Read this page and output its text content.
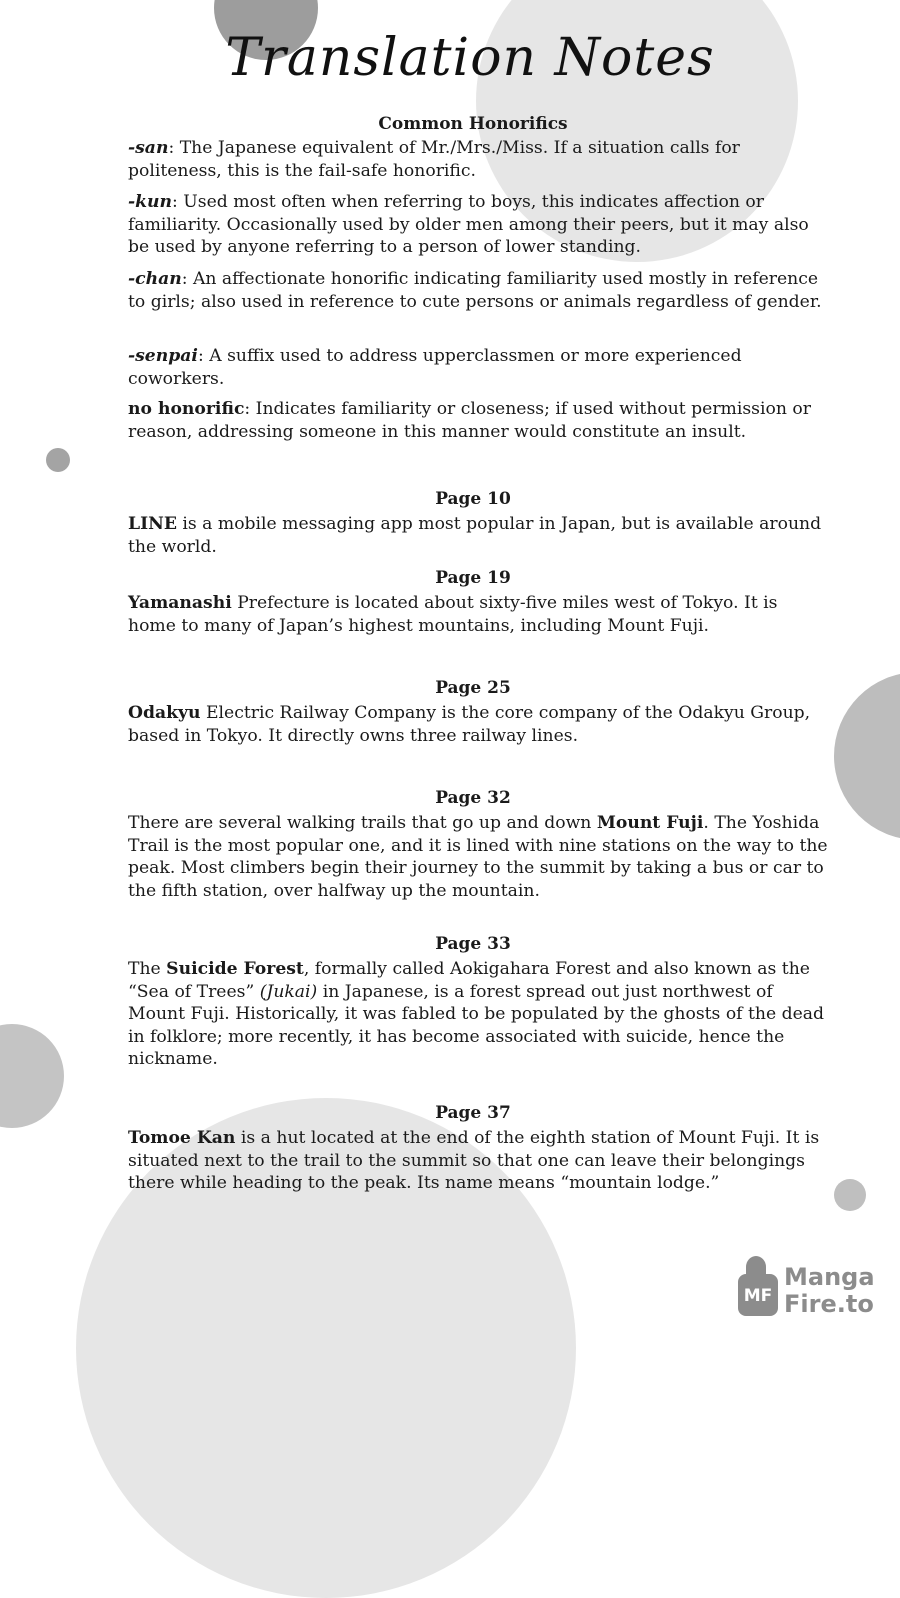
Translation Notes
Common Honorifics
-san: The Japanese equivalent of Mr./Mrs./Miss. If a situation calls for politeness, this is the fail-safe honorific.
-kun: Used most often when referring to boys, this indicates affection or familiarity. Occasionally used by older men among their peers, but it may also be used by anyone referring to a person of lower standing.
-chan: An affectionate honorific indicating familiarity used mostly in reference to girls; also used in reference to cute persons or animals regardless of gender.
-senpai: A suffix used to address upperclassmen or more experienced coworkers.
no honorific: Indicates familiarity or closeness; if used without permission or reason, addressing someone in this manner would constitute an insult.
Page 10
LINE is a mobile messaging app most popular in Japan, but is available around the world.
Page 19
Yamanashi Prefecture is located about sixty-five miles west of Tokyo. It is home to many of Japan’s highest mountains, including Mount Fuji.
Page 25
Odakyu Electric Railway Company is the core company of the Odakyu Group, based in Tokyo. It directly owns three railway lines.
Page 32
There are several walking trails that go up and down Mount Fuji. The Yoshida Trail is the most popular one, and it is lined with nine stations on the way to the peak. Most climbers begin their journey to the summit by taking a bus or car to the fifth station, over halfway up the mountain.
Page 33
The Suicide Forest, formally called Aokigahara Forest and also known as the “Sea of Trees” (Jukai) in Japanese, is a forest spread out just northwest of Mount Fuji. Historically, it was fabled to be populated by the ghosts of the dead in folklore; more recently, it has become associated with suicide, hence the nickname.
Page 37
Tomoe Kan is a hut located at the end of the eighth station of Mount Fuji. It is situated next to the trail to the summit so that one can leave their belongings there while heading to the peak. Its name means “mountain lodge.”
MF
Manga
Fire.to
